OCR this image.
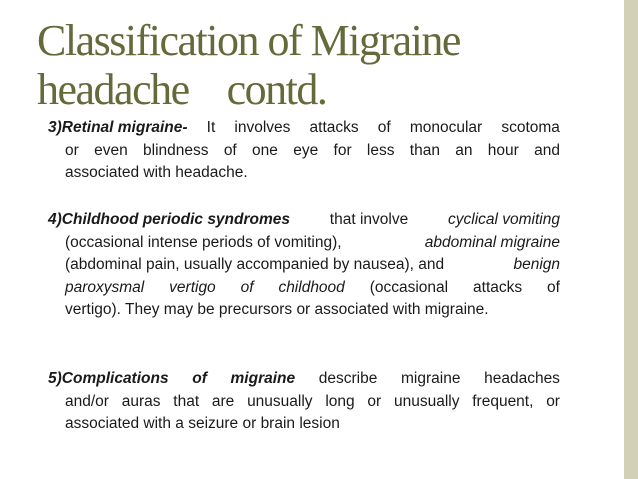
Classification of Migraine
headache    contd.
3)Retinal migraine- It involves attacks of monocular scotoma
or even blindness of one eye for less than an hour and
associated with headache.
4)Childhood periodic syndromes	that involve	cyclical vomiting
(occasional intense periods of vomiting),	abdominal migraine
(abdominal pain, usually accompanied by nausea), and	benign
paroxysmal vertigo of childhood (occasional attacks of
vertigo). They may be precursors or associated with migraine.
5)Complications of migraine describe migraine headaches
and/or auras that are unusually long or unusually frequent, or
associated with a seizure or brain lesion
